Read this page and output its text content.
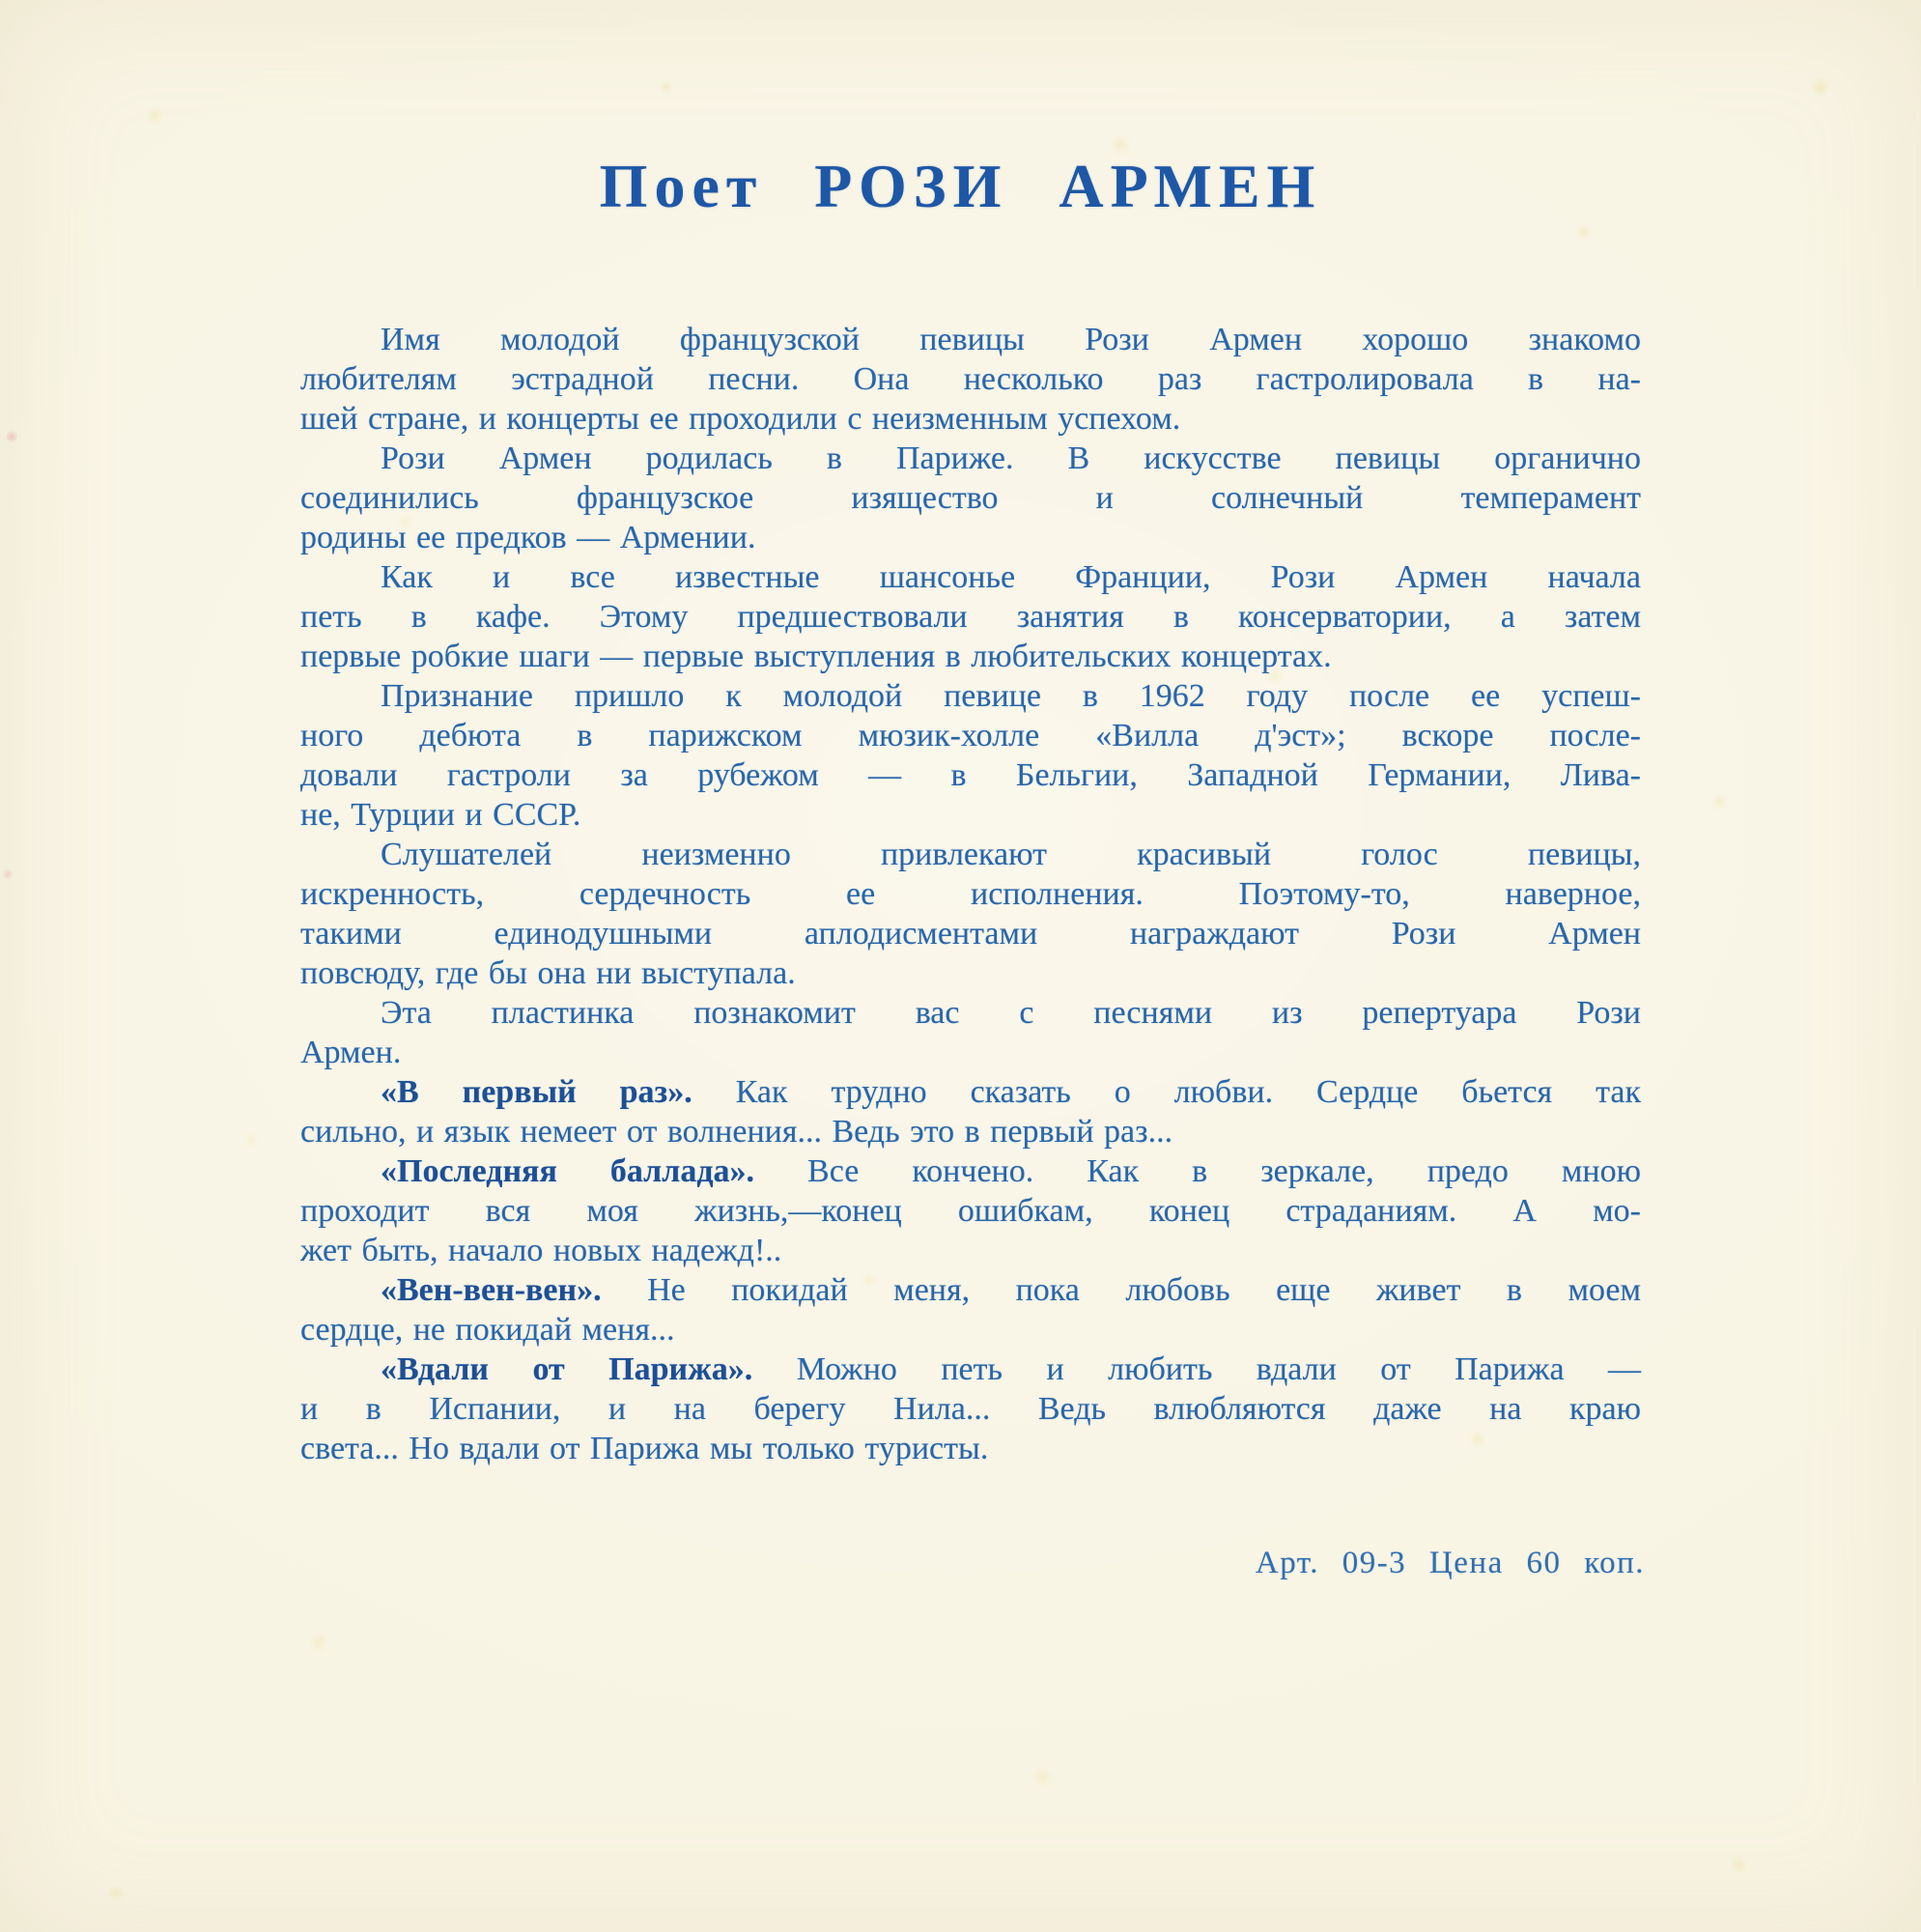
Поет РОЗИ АРМЕН
Имя молодой французской певицы Рози Армен хорошо знакомо
любителям эстрадной песни. Она несколько раз гастролировала в на-
шей стране, и концерты ее проходили с неизменным успехом.
Рози Армен родилась в Париже. В искусстве певицы органично
соединились французское изящество и солнечный темперамент
родины ее предков — Армении.
Как и все известные шансонье Франции, Рози Армен начала
петь в кафе. Этому предшествовали занятия в консерватории, а затем
первые робкие шаги — первые выступления в любительских концертах.
Признание пришло к молодой певице в 1962 году после ее успеш-
ного дебюта в парижском мюзик-холле «Вилла д'эст»; вскоре после-
довали гастроли за рубежом — в Бельгии, Западной Германии, Лива-
не, Турции и СССР.
Слушателей неизменно привлекают красивый голос певицы,
искренность, сердечность ее исполнения. Поэтому-то, наверное,
такими единодушными аплодисментами награждают Рози Армен
повсюду, где бы она ни выступала.
Эта пластинка познакомит вас с песнями из репертуара Рози
Армен.
«В первый раз». Как трудно сказать о любви. Сердце бьется так
сильно, и язык немеет от волнения... Ведь это в первый раз...
«Последняя баллада». Все кончено. Как в зеркале, предо мною
проходит вся моя жизнь,—конец ошибкам, конец страданиям. А мо-
жет быть, начало новых надежд!..
«Вен-вен-вен». Не покидай меня, пока любовь еще живет в моем
сердце, не покидай меня...
«Вдали от Парижа». Можно петь и любить вдали от Парижа —
и в Испании, и на берегу Нила... Ведь влюбляются даже на краю
света... Но вдали от Парижа мы только туристы.
Арт. 09-3 Цена 60 коп.
